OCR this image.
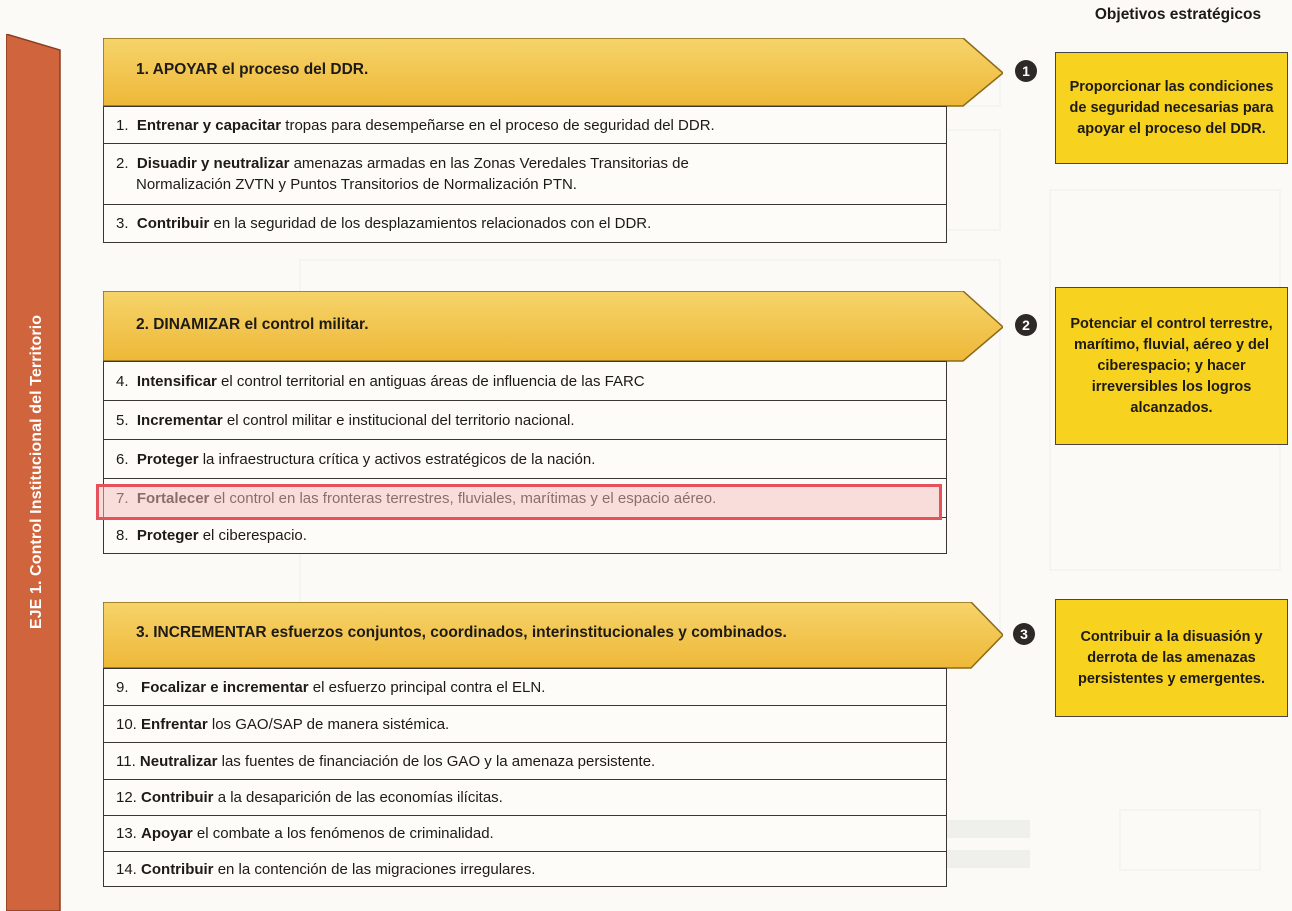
EJE 1. Control Institucional del Territorio
Objetivos estratégicos
1. APOYAR el proceso del DDR.	1
1. Entrenar y capacitar tropas para desempeñarse en el proceso de seguridad del DDR.
2. Disuadir y neutralizar amenazas armadas en las Zonas Veredales Transitorias de
Normalización ZVTN y Puntos Transitorios de Normalización PTN.
3. Contribuir en la seguridad de los desplazamientos relacionados con el DDR.
Proporcionar las condiciones de seguridad necesarias para apoyar el proceso del DDR.
2. DINAMIZAR el control militar.	2
4. Intensificar el control territorial en antiguas áreas de influencia de las FARC
5. Incrementar el control militar e institucional del territorio nacional.
6. Proteger la infraestructura crítica y activos estratégicos de la nación.

8. Proteger el ciberespacio.
Potenciar el control terrestre, marítimo, fluvial, aéreo y del ciberespacio; y hacer irreversibles los logros alcanzados.
3. INCREMENTAR esfuerzos conjuntos, coordinados, interinstitucionales y combinados.	3
9. Focalizar e incrementar el esfuerzo principal contra el ELN.
10. Enfrentar los GAO/SAP de manera sistémica.
11. Neutralizar las fuentes de financiación de los GAO y la amenaza persistente.
12. Contribuir a la desaparición de las economías ilícitas.
13. Apoyar el combate a los fenómenos de criminalidad.
14. Contribuir en la contención de las migraciones irregulares.
Contribuir a la disuasión y derrota de las amenazas persistentes y emergentes.
